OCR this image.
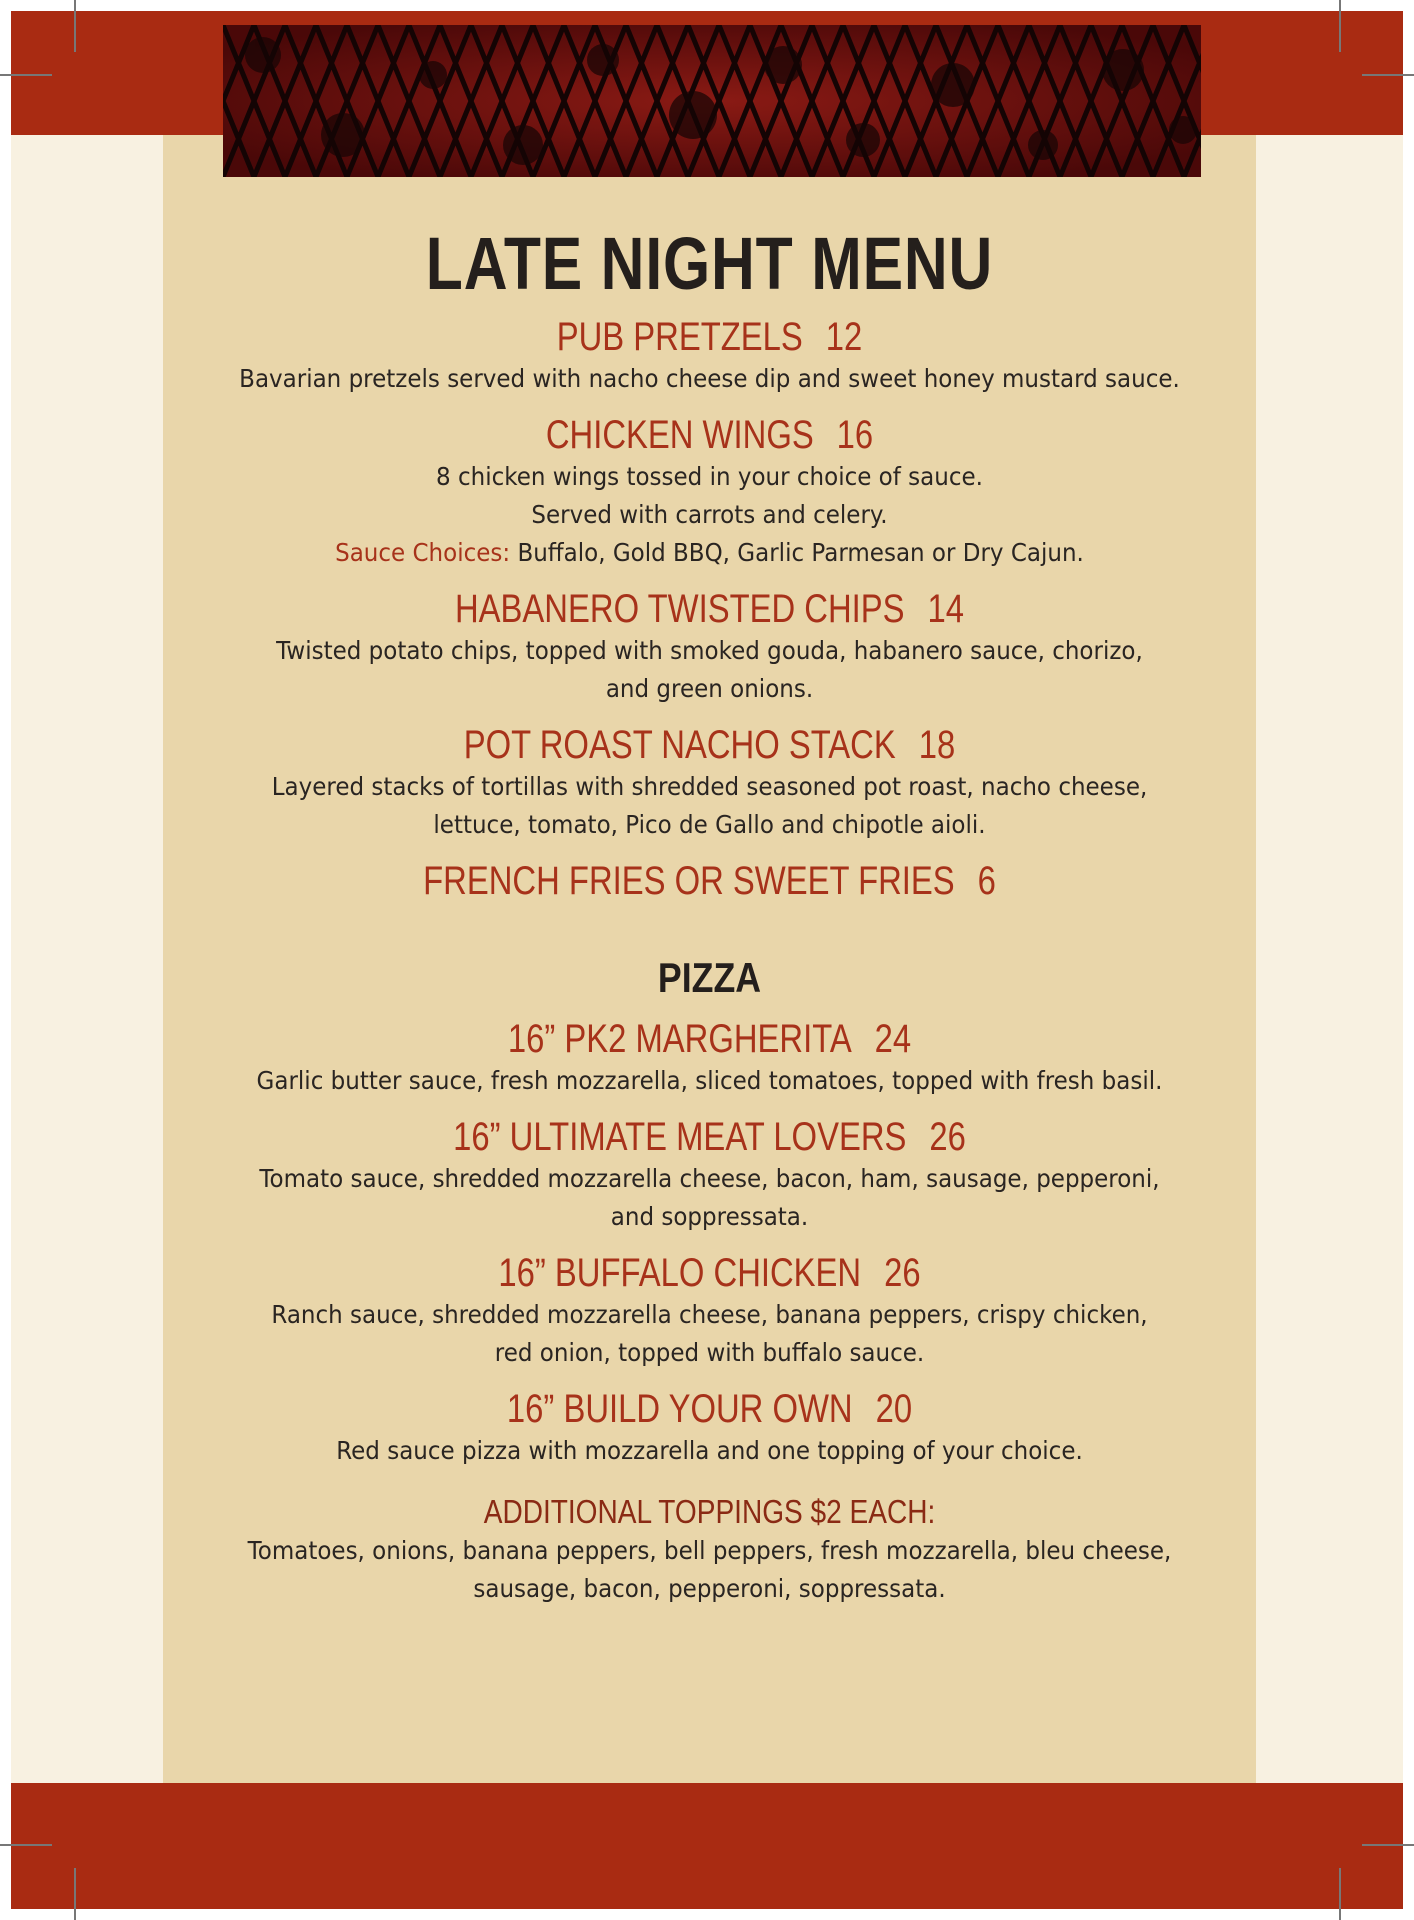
LATE NIGHT MENU
PUB PRETZELS 12
Bavarian pretzels served with nacho cheese dip and sweet honey mustard sauce.
CHICKEN WINGS 16
8 chicken wings tossed in your choice of sauce.
Served with carrots and celery.
Sauce Choices: Buffalo, Gold BBQ, Garlic Parmesan or Dry Cajun.
HABANERO TWISTED CHIPS 14
Twisted potato chips, topped with smoked gouda, habanero sauce, chorizo,
and green onions.
POT ROAST NACHO STACK 18
Layered stacks of tortillas with shredded seasoned pot roast, nacho cheese,
lettuce, tomato, Pico de Gallo and chipotle aioli.
FRENCH FRIES OR SWEET FRIES 6
PIZZA
16” PK2 MARGHERITA 24
Garlic butter sauce, fresh mozzarella, sliced tomatoes, topped with fresh basil.
16” ULTIMATE MEAT LOVERS 26
Tomato sauce, shredded mozzarella cheese, bacon, ham, sausage, pepperoni,
and soppressata.
16” BUFFALO CHICKEN 26
Ranch sauce, shredded mozzarella cheese, banana peppers, crispy chicken,
red onion, topped with buffalo sauce.
16” BUILD YOUR OWN 20
Red sauce pizza with mozzarella and one topping of your choice.
ADDITIONAL TOPPINGS $2 EACH:
Tomatoes, onions, banana peppers, bell peppers, fresh mozzarella, bleu cheese,
sausage, bacon, pepperoni, soppressata.
